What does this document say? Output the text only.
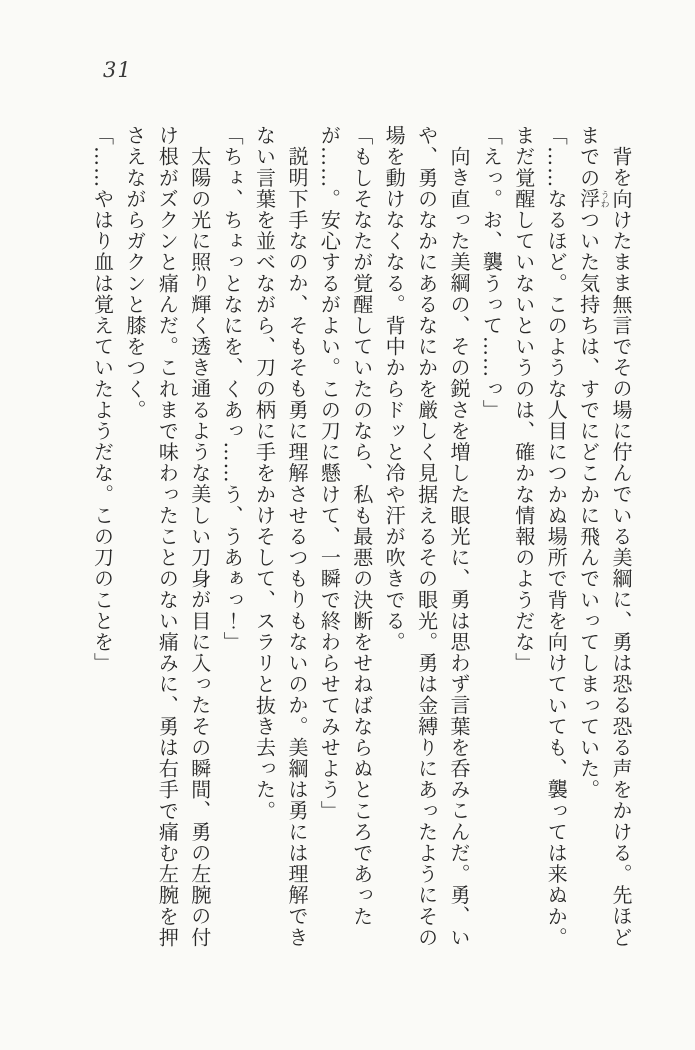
31

背を向けたまま無言でその場に佇んでいる美綱に、勇は恐る恐る声をかける。先ほどまでの浮うわついた気持ちは、すでにどこかに飛んでいってしまっていた。

「……なるほど。このような人目につかぬ場所で背を向けていても、襲っては来ぬか。まだ覚醒していないというのは、確かな情報のようだな」

「えっ。お、襲うって……っ」

向き直った美綱の、その鋭さを増した眼光に、勇は思わず言葉を呑みこんだ。勇、いや、勇のなかにあるなにかを厳しく見据えるその眼光。勇は金縛りにあったようにその場を動けなくなる。背中からドッと冷や汗が吹きでる。

「もしそなたが覚醒していたのなら、私も最悪の決断をせねばならぬところであったが……。安心するがよい。この刀に懸けて、一瞬で終わらせてみせよう」

説明下手なのか、そもそも勇に理解させるつもりもないのか。美綱は勇には理解できない言葉を並べながら、刀の柄に手をかけそして、スラリと抜き去った。

「ちょ、ちょっとなにを、くあっ……う、うあぁっ！」

太陽の光に照り輝く透き通るような美しい刀身が目に入ったその瞬間、勇の左腕の付け根がズクンと痛んだ。これまで味わったことのない痛みに、勇は右手で痛む左腕を押さえながらガクンと膝をつく。

「……やはり血は覚えていたようだな。この刀のことを」
